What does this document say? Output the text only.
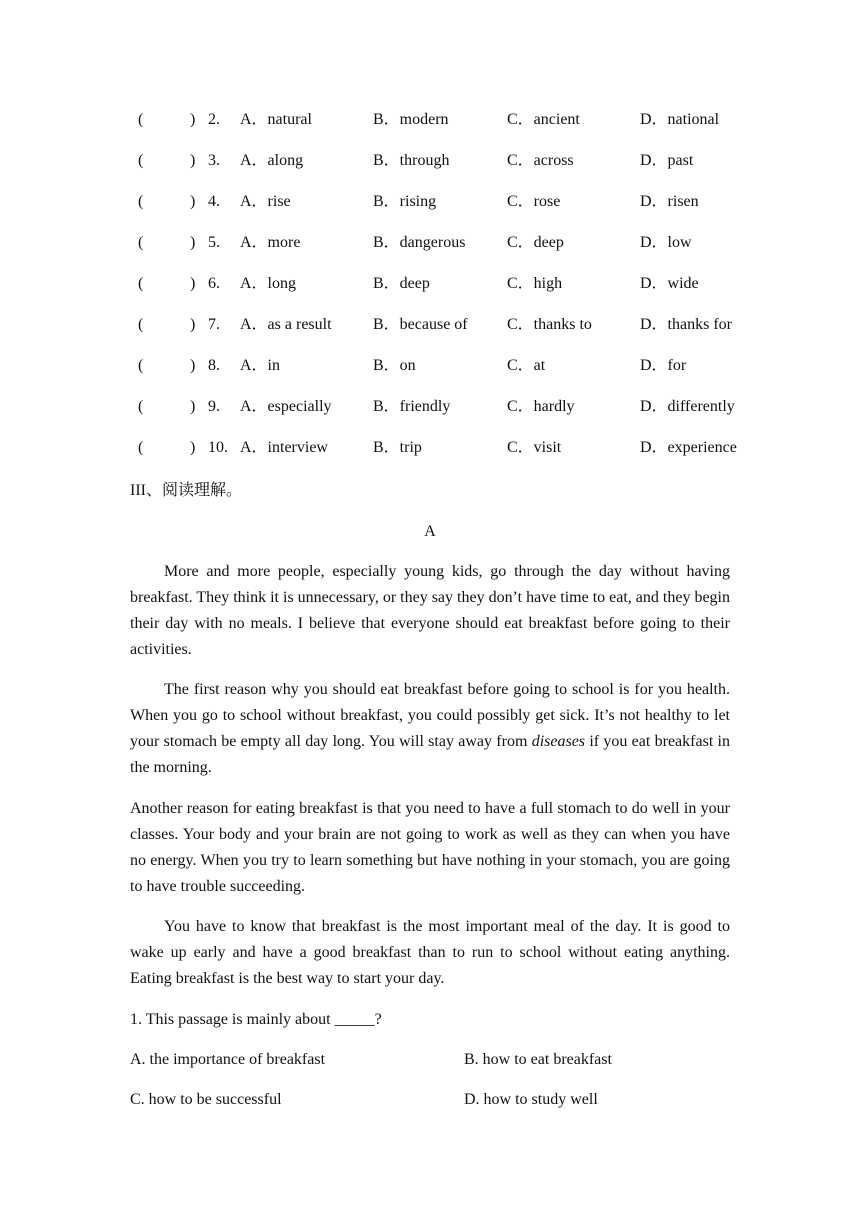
(	) 2. A．natural	B．modern	C．ancient	D．national
(	) 3. A．along	B．through	C．across	D．past
(	) 4. A．rise	B．rising	C．rose	D．risen
(	) 5. A．more	B．dangerous	C．deep	D．low
(	) 6. A．long	B．deep	C．high	D．wide
(	) 7. A．as a result	B．because of C．thanks to	D．thanks for
(	) 8. A．in	B．on	C．at	D．for
(	) 9. A．especially	B．friendly	C．hardly	D．differently
(	) 10. A．interview	B．trip	C．visit	D．experience
III、阅读理解。
A

More and more people, especially young kids, go through the day without having breakfast. They think it is unnecessary, or they say they don’t have time to eat, and they begin their day with no meals. I believe that everyone should eat breakfast before going to their activities.

The first reason why you should eat breakfast before going to school is for you health. When you go to school without breakfast, you could possibly get sick. It’s not healthy to let your stomach be empty all day long. You will stay away from diseases if you eat breakfast in the morning.

Another reason for eating breakfast is that you need to have a full stomach to do well in your classes. Your body and your brain are not going to work as well as they can when you have no energy. When you try to learn something but have nothing in your stomach, you are going to have trouble succeeding.

You have to know that breakfast is the most important meal of the day. It is good to wake up early and have a good breakfast than to run to school without eating anything. Eating breakfast is the best way to start your day.

1. This passage is mainly about _____?
A. the importance of breakfast	B. how to eat breakfast
C. how to be successful	D. how to study well
